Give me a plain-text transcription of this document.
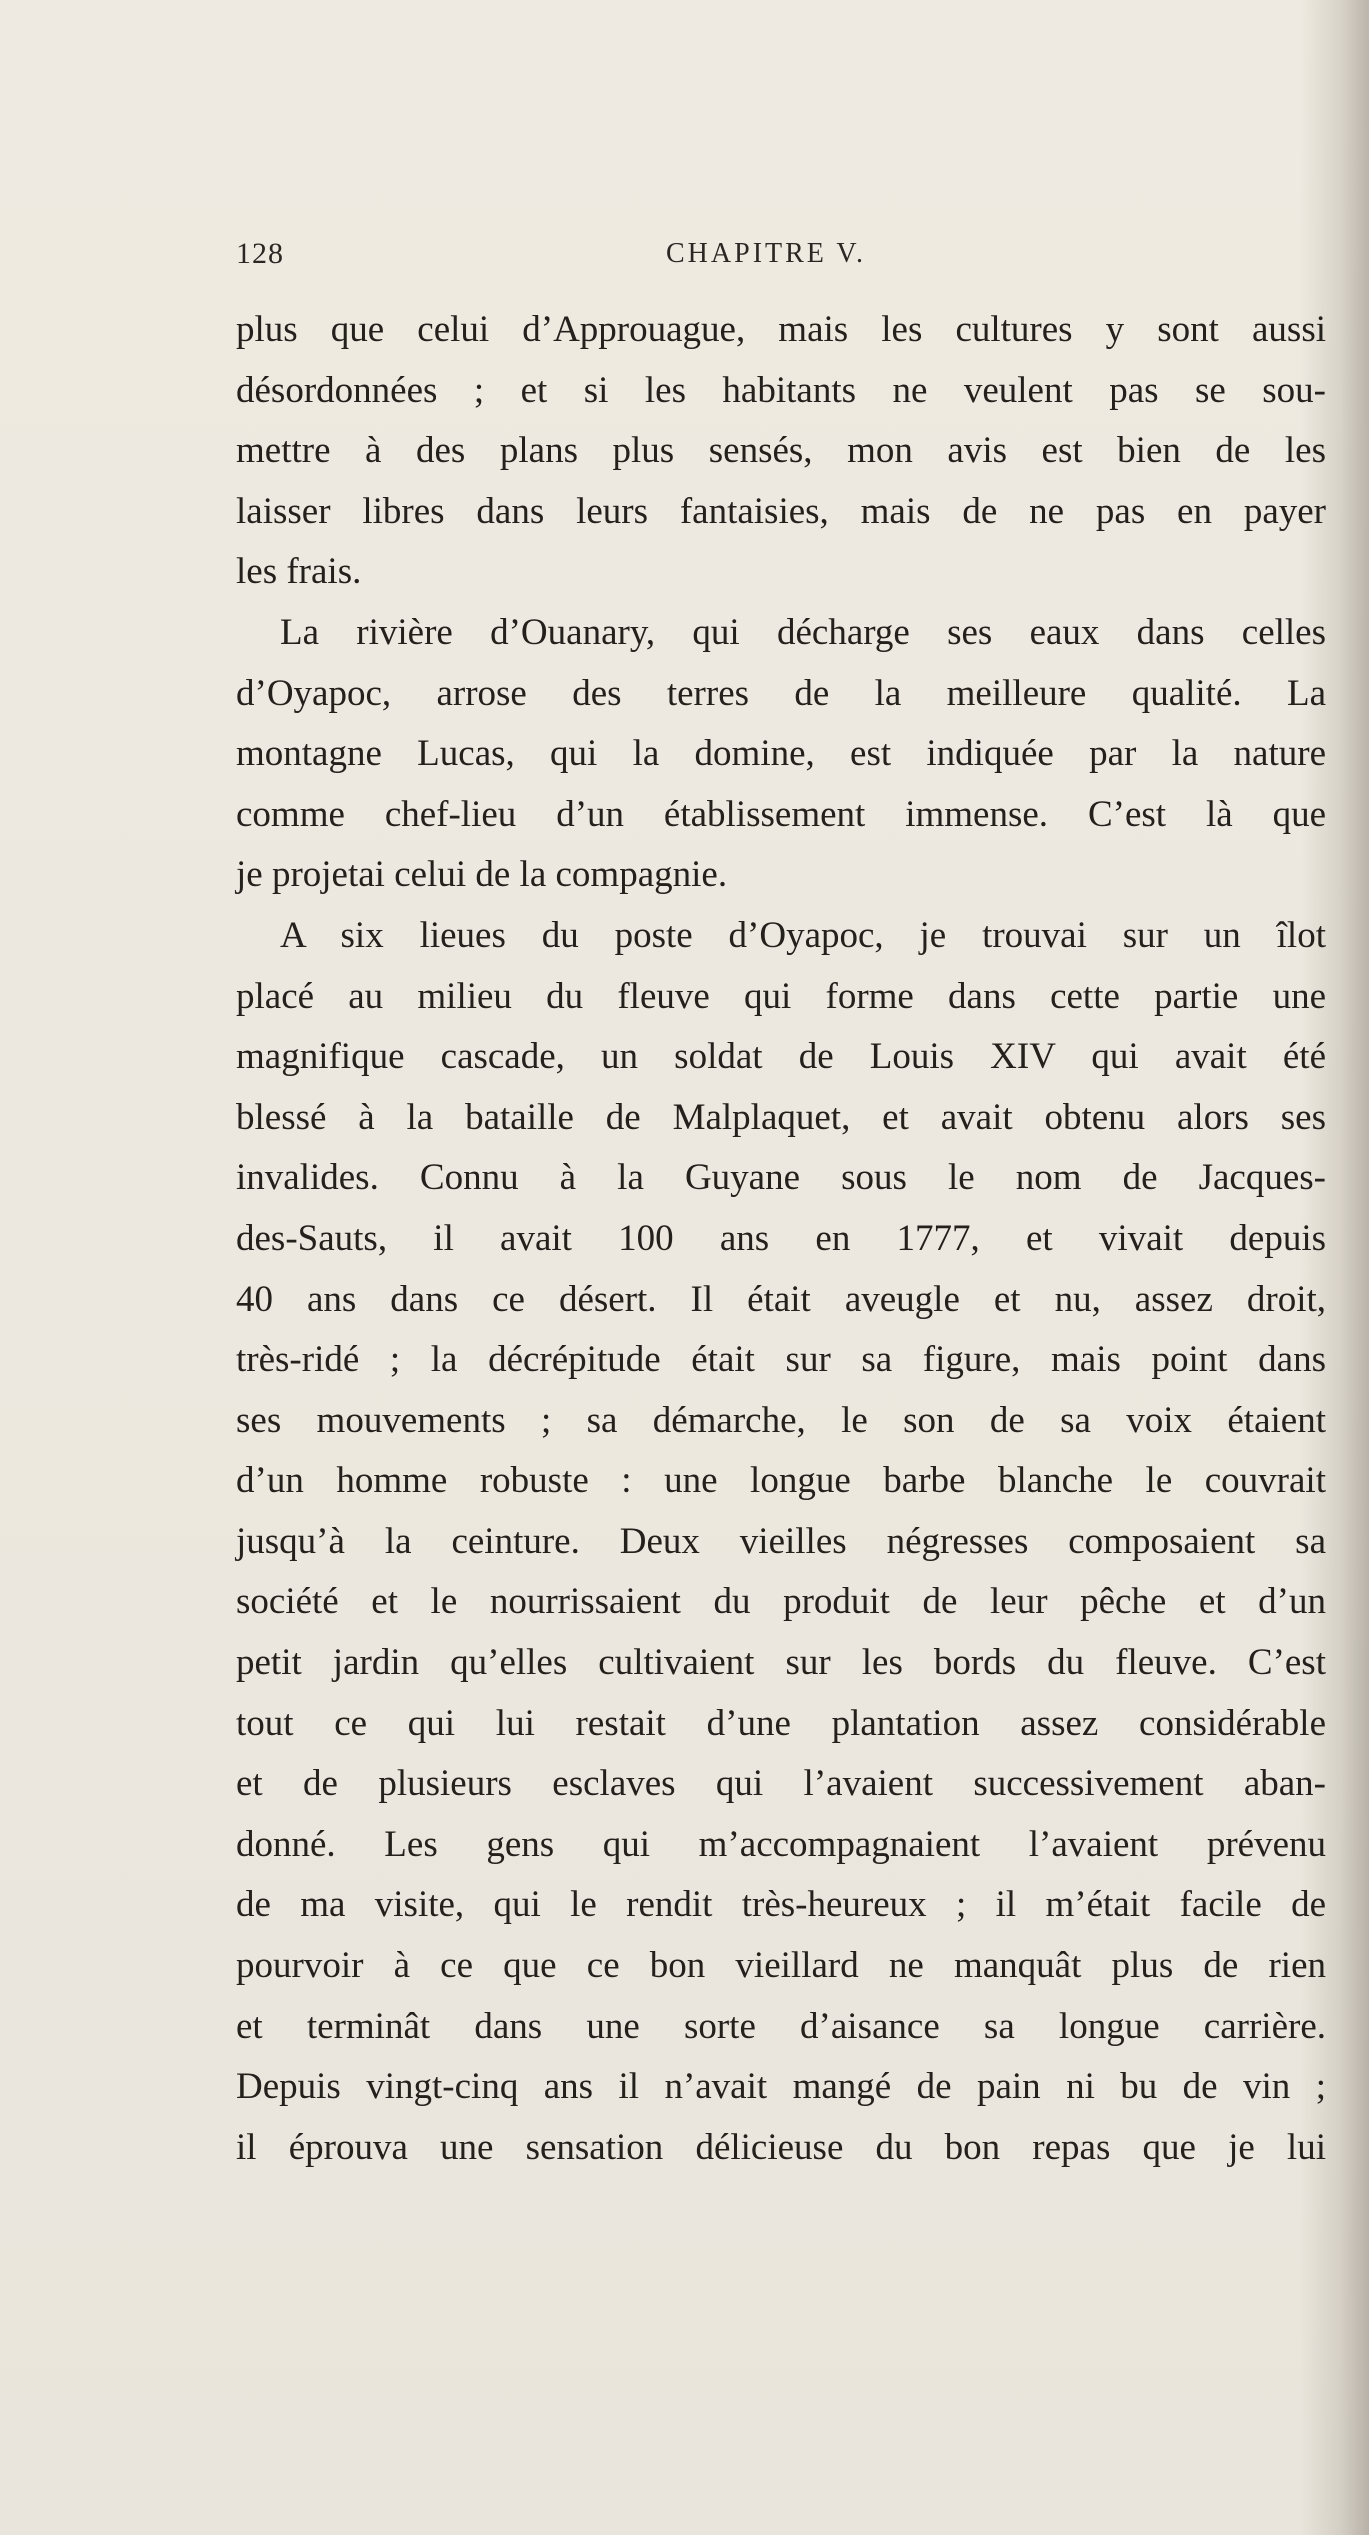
128	CHAPITRE V.
plus que celui d’Approuague, mais les cultures y sont aussi
désordonnées ; et si les habitants ne veulent pas se sou-
mettre à des plans plus sensés, mon avis est bien de les
laisser libres dans leurs fantaisies, mais de ne pas en payer
les frais.
La rivière d’Ouanary, qui décharge ses eaux dans celles
d’Oyapoc, arrose des terres de la meilleure qualité. La
montagne Lucas, qui la domine, est indiquée par la nature
comme chef-lieu d’un établissement immense. C’est là que
je projetai celui de la compagnie.
A six lieues du poste d’Oyapoc, je trouvai sur un îlot
placé au milieu du fleuve qui forme dans cette partie une
magnifique cascade, un soldat de Louis XIV qui avait été
blessé à la bataille de Malplaquet, et avait obtenu alors ses
invalides. Connu à la Guyane sous le nom de Jacques-
des-Sauts, il avait 100 ans en 1777, et vivait depuis
40 ans dans ce désert. Il était aveugle et nu, assez droit,
très-ridé ; la décrépitude était sur sa figure, mais point dans
ses mouvements ; sa démarche, le son de sa voix étaient
d’un homme robuste : une longue barbe blanche le couvrait
jusqu’à la ceinture. Deux vieilles négresses composaient sa
société et le nourrissaient du produit de leur pêche et d’un
petit jardin qu’elles cultivaient sur les bords du fleuve. C’est
tout ce qui lui restait d’une plantation assez considérable
et de plusieurs esclaves qui l’avaient successivement aban-
donné. Les gens qui m’accompagnaient l’avaient prévenu
de ma visite, qui le rendit très-heureux ; il m’était facile de
pourvoir à ce que ce bon vieillard ne manquât plus de rien
et terminât dans une sorte d’aisance sa longue carrière.
Depuis vingt-cinq ans il n’avait mangé de pain ni bu de vin ;
il éprouva une sensation délicieuse du bon repas que je lui
